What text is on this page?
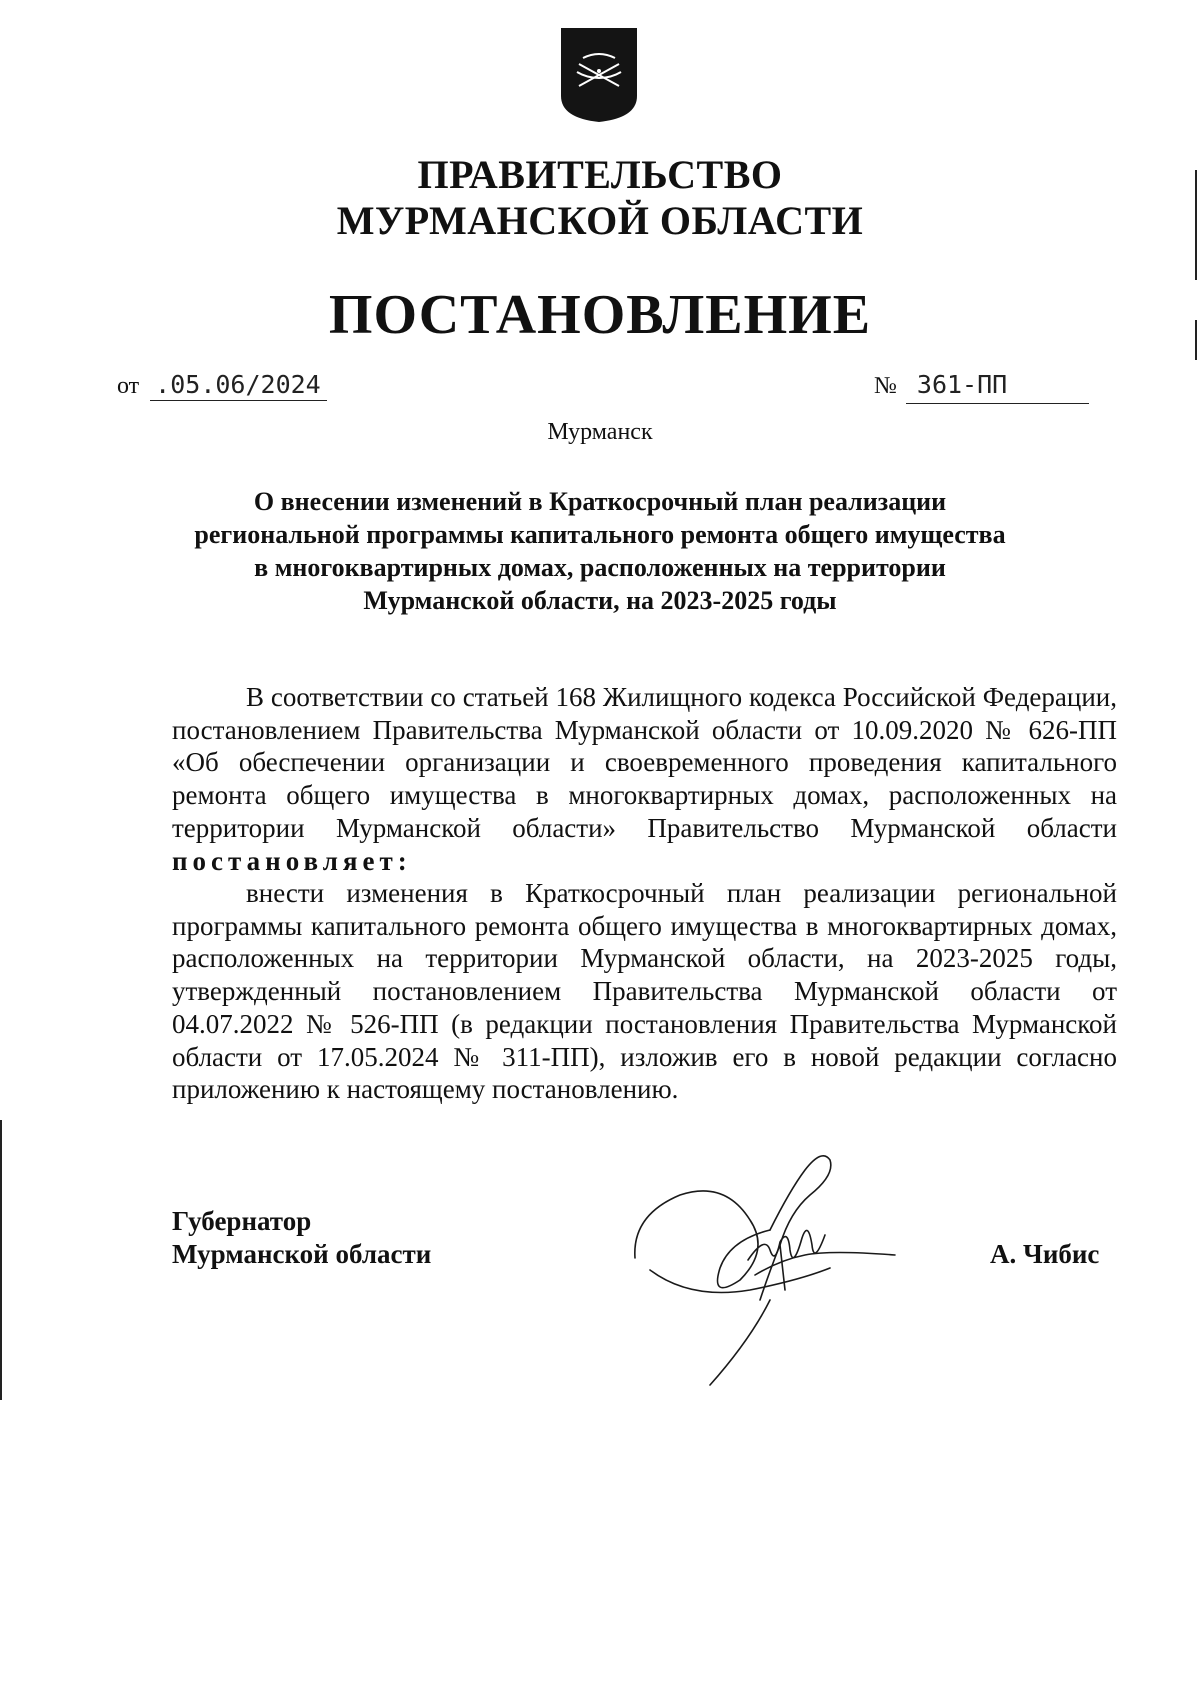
ПРАВИТЕЛЬСТВО
МУРМАНСКОЙ ОБЛАСТИ
ПОСТАНОВЛЕНИЕ
от .05.06/2024	№ 361-ПП
Мурманск
О внесении изменений в Краткосрочный план реализации
региональной программы капитального ремонта общего имущества
в многоквартирных домах, расположенных на территории
Мурманской области, на 2023-2025 годы

В соответствии со статьей 168 Жилищного кодекса Российской Федерации, постановлением Правительства Мурманской области от 10.09.2020 № 626-ПП «Об обеспечении организации и своевременного проведения капитального ремонта общего имущества в многоквартирных домах, расположенных на территории Мурманской области» Правительство Мурманской области постановляет:

внести изменения в Краткосрочный план реализации региональной программы капитального ремонта общего имущества в многоквартирных домах, расположенных на территории Мурманской области, на 2023-2025 годы, утвержденный постановлением Правительства Мурманской области от 04.07.2022 № 526-ПП (в редакции постановления Правительства Мурманской области от 17.05.2024 № 311-ПП), изложив его в новой редакции согласно приложению к настоящему постановлению.

Губернатор
Мурманской области	А. Чибис
